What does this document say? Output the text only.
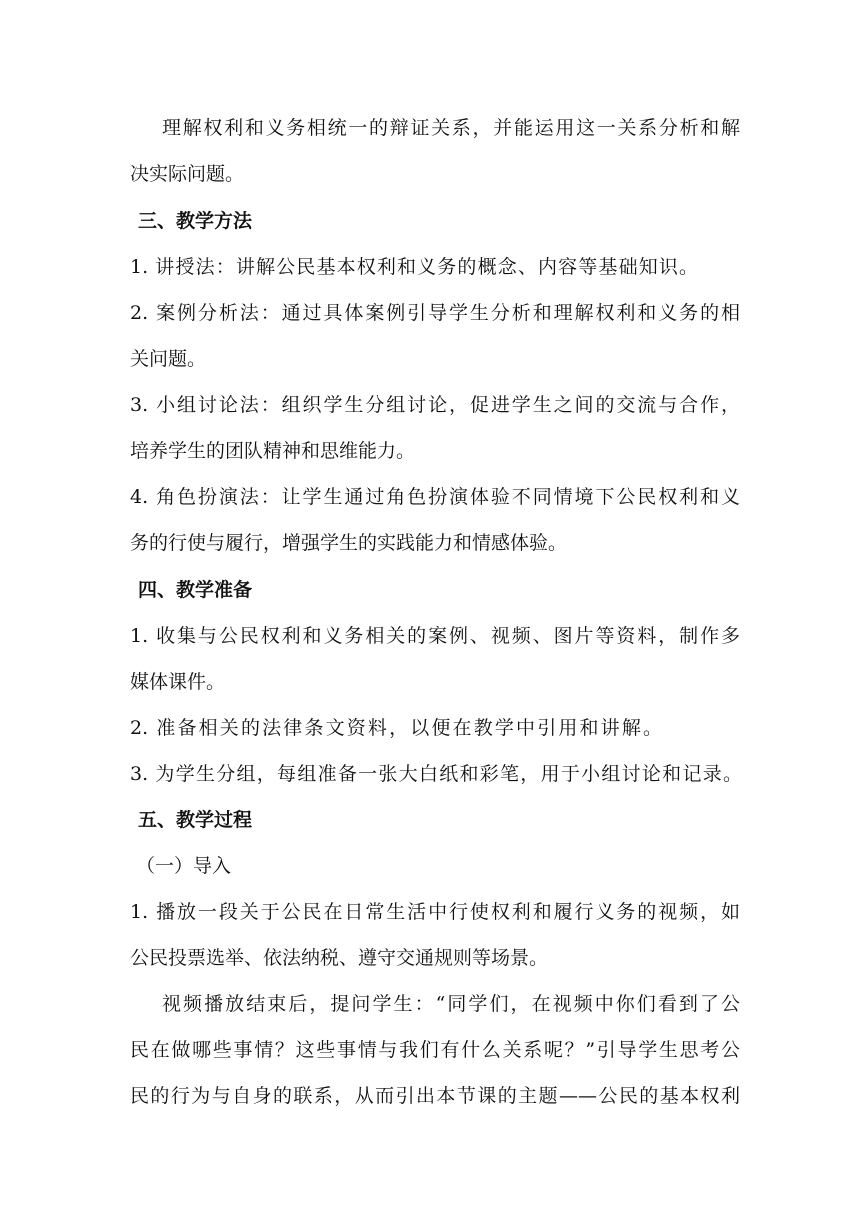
理解权利和义务相统一的辩证关系，并能运用这一关系分析和解
决实际问题。
三、教学方法
1. 讲授法：讲解公民基本权利和义务的概念、内容等基础知识。
2. 案例分析法：通过具体案例引导学生分析和理解权利和义务的相
关问题。
3. 小组讨论法：组织学生分组讨论，促进学生之间的交流与合作，
培养学生的团队精神和思维能力。
4. 角色扮演法：让学生通过角色扮演体验不同情境下公民权利和义
务的行使与履行，增强学生的实践能力和情感体验。
四、教学准备
1. 收集与公民权利和义务相关的案例、视频、图片等资料，制作多
媒体课件。
2. 准备相关的法律条文资料，以便在教学中引用和讲解。
3. 为学生分组，每组准备一张大白纸和彩笔，用于小组讨论和记录。
五、教学过程
（一）导入
1. 播放一段关于公民在日常生活中行使权利和履行义务的视频，如
公民投票选举、依法纳税、遵守交通规则等场景。
视频播放结束后，提问学生：“同学们，在视频中你们看到了公
民在做哪些事情？这些事情与我们有什么关系呢？”引导学生思考公
民的行为与自身的联系，从而引出本节课的主题——公民的基本权利
